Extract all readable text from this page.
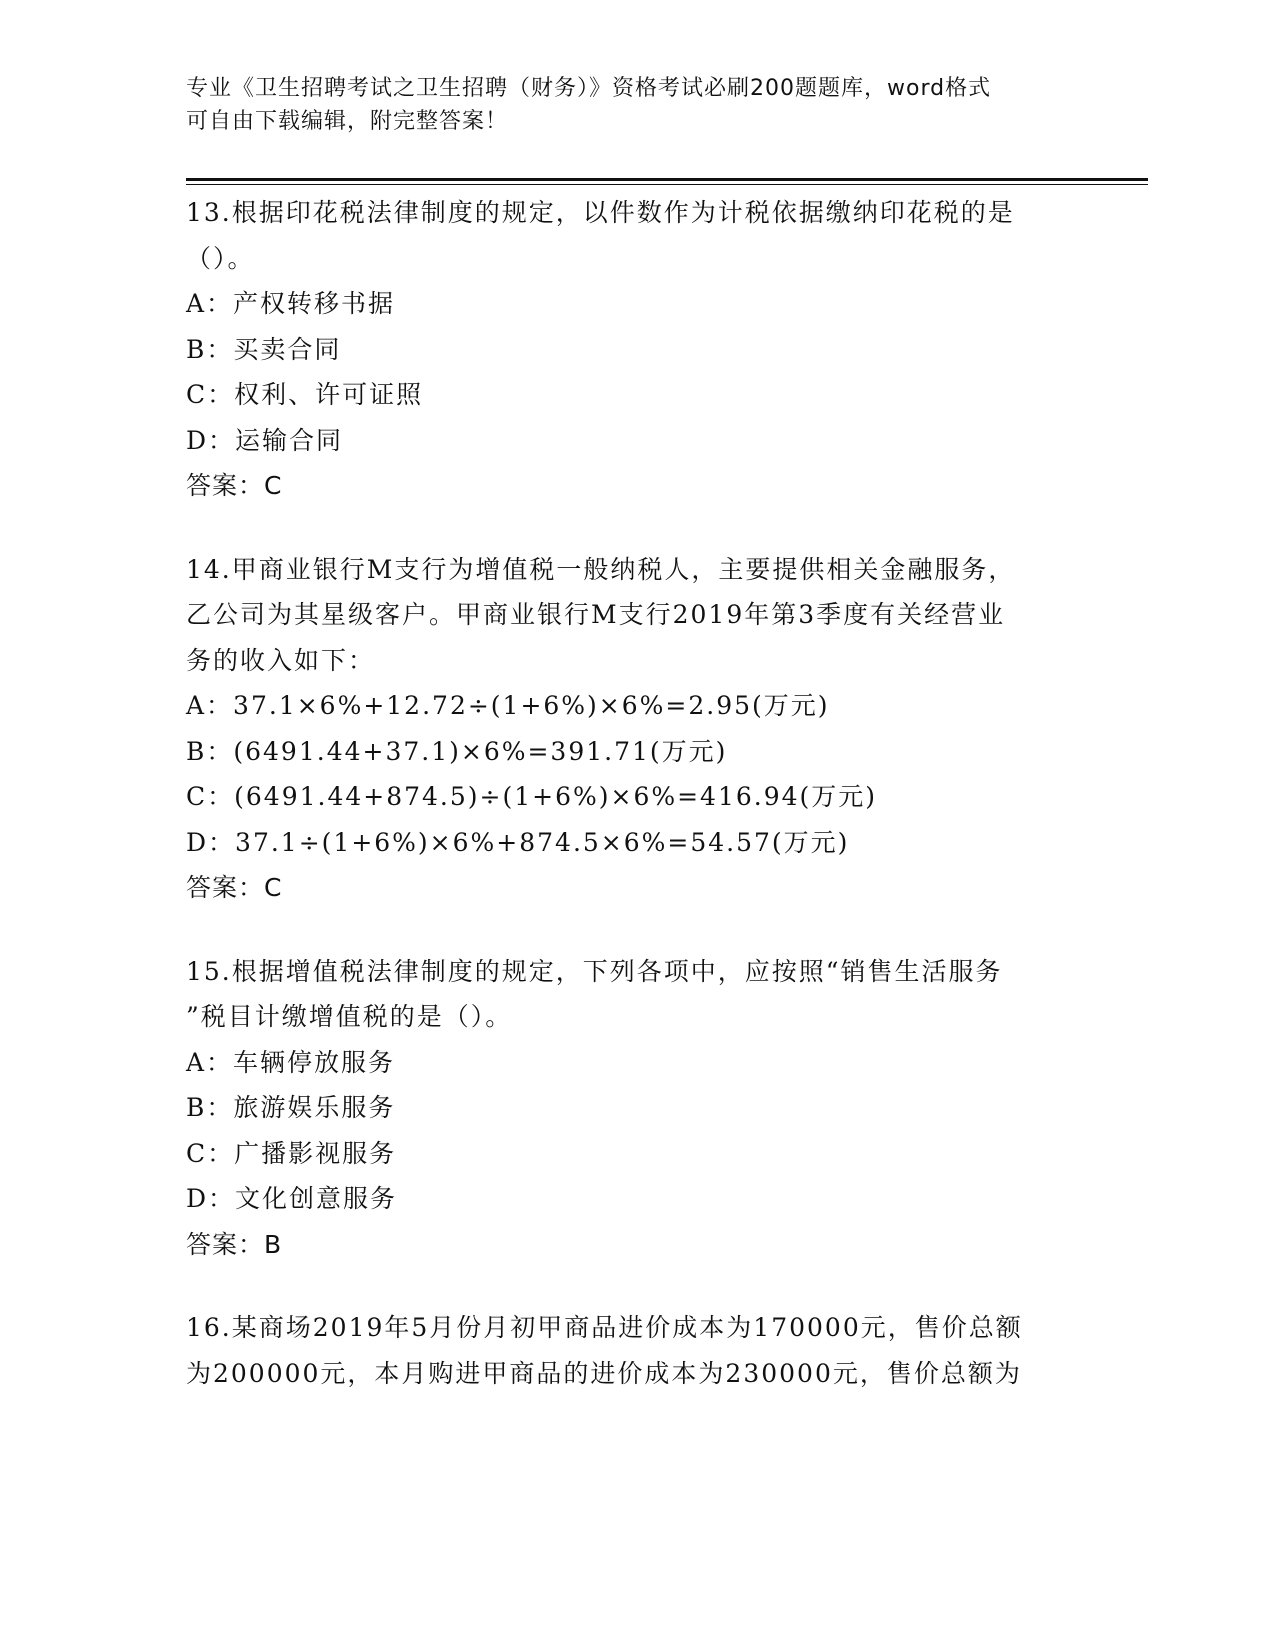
专业《卫生招聘考试之卫生招聘（财务）》资格考试必刷200题题库，word格式
可自由下载编辑，附完整答案！
13.根据印花税法律制度的规定，以件数作为计税依据缴纳印花税的是
（）。
A：产权转移书据
B：买卖合同
C：权利、许可证照
D：运输合同
答案：C
14.甲商业银行M支行为增值税一般纳税人，主要提供相关金融服务，
乙公司为其星级客户。甲商业银行M支行2019年第3季度有关经营业
务的收入如下：
A：37.1×6%+12.72÷(1+6%)×6%=2.95(万元)
B：(6491.44+37.1)×6%=391.71(万元)
C：(6491.44+874.5)÷(1+6%)×6%=416.94(万元)
D：37.1÷(1+6%)×6%+874.5×6%=54.57(万元)
答案：C
15.根据增值税法律制度的规定，下列各项中，应按照“销售生活服务
”税目计缴增值税的是（）。
A：车辆停放服务
B：旅游娱乐服务
C：广播影视服务
D：文化创意服务
答案：B
16.某商场2019年5月份月初甲商品进价成本为170000元，售价总额
为200000元，本月购进甲商品的进价成本为230000元，售价总额为
